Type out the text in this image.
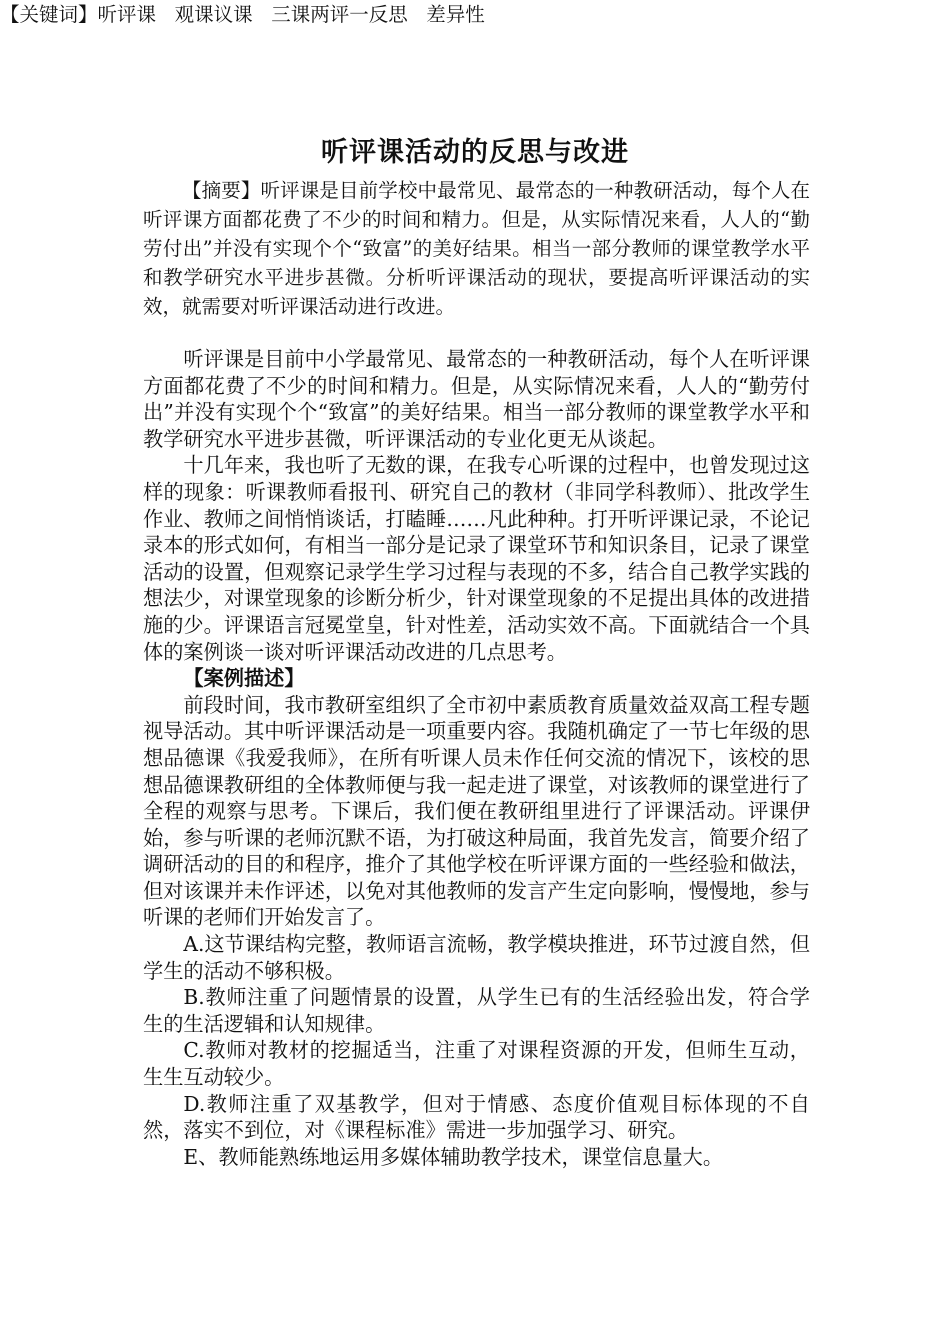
听评课活动的反思与改进

【摘要】听评课是目前学校中最常见、最常态的一种教研活动，每个人在听评课方面都花费了不少的时间和精力。但是，从实际情况来看，人人的“勤劳付出”并没有实现个个“致富”的美好结果。相当一部分教师的课堂教学水平和教学研究水平进步甚微。分析听评课活动的现状，要提高听评课活动的实效，就需要对听评课活动进行改进。

【关键词】听评课   观课议课   三课两评一反思   差异性

听评课是目前中小学最常见、最常态的一种教研活动，每个人在听评课方面都花费了不少的时间和精力。但是，从实际情况来看，人人的“勤劳付出”并没有实现个个“致富”的美好结果。相当一部分教师的课堂教学水平和教学研究水平进步甚微，听评课活动的专业化更无从谈起。

十几年来，我也听了无数的课，在我专心听课的过程中，也曾发现过这样的现象：听课教师看报刊、研究自己的教材（非同学科教师）、批改学生作业、教师之间悄悄谈话，打瞌睡……凡此种种。打开听评课记录，不论记录本的形式如何，有相当一部分是记录了课堂环节和知识条目，记录了课堂活动的设置，但观察记录学生学习过程与表现的不多，结合自己教学实践的想法少，对课堂现象的诊断分析少，针对课堂现象的不足提出具体的改进措施的少。评课语言冠冕堂皇，针对性差，活动实效不高。下面就结合一个具体的案例谈一谈对听评课活动改进的几点思考。

【案例描述】

前段时间，我市教研室组织了全市初中素质教育质量效益双高工程专题视导活动。其中听评课活动是一项重要内容。我随机确定了一节七年级的思想品德课《我爱我师》，在所有听课人员未作任何交流的情况下，该校的思想品德课教研组的全体教师便与我一起走进了课堂，对该教师的课堂进行了全程的观察与思考。下课后，我们便在教研组里进行了评课活动。评课伊始，参与听课的老师沉默不语，为打破这种局面，我首先发言，简要介绍了调研活动的目的和程序，推介了其他学校在听评课方面的一些经验和做法，但对该课并未作评述，以免对其他教师的发言产生定向影响，慢慢地，参与听课的老师们开始发言了。

A.这节课结构完整，教师语言流畅，教学模块推进，环节过渡自然，但学生的活动不够积极。

B.教师注重了问题情景的设置，从学生已有的生活经验出发，符合学生的生活逻辑和认知规律。

C.教师对教材的挖掘适当，注重了对课程资源的开发，但师生互动，生生互动较少。

D.教师注重了双基教学，但对于情感、态度价值观目标体现的不自然，落实不到位，对《课程标准》需进一步加强学习、研究。

E、教师能熟练地运用多媒体辅助教学技术，课堂信息量大。
